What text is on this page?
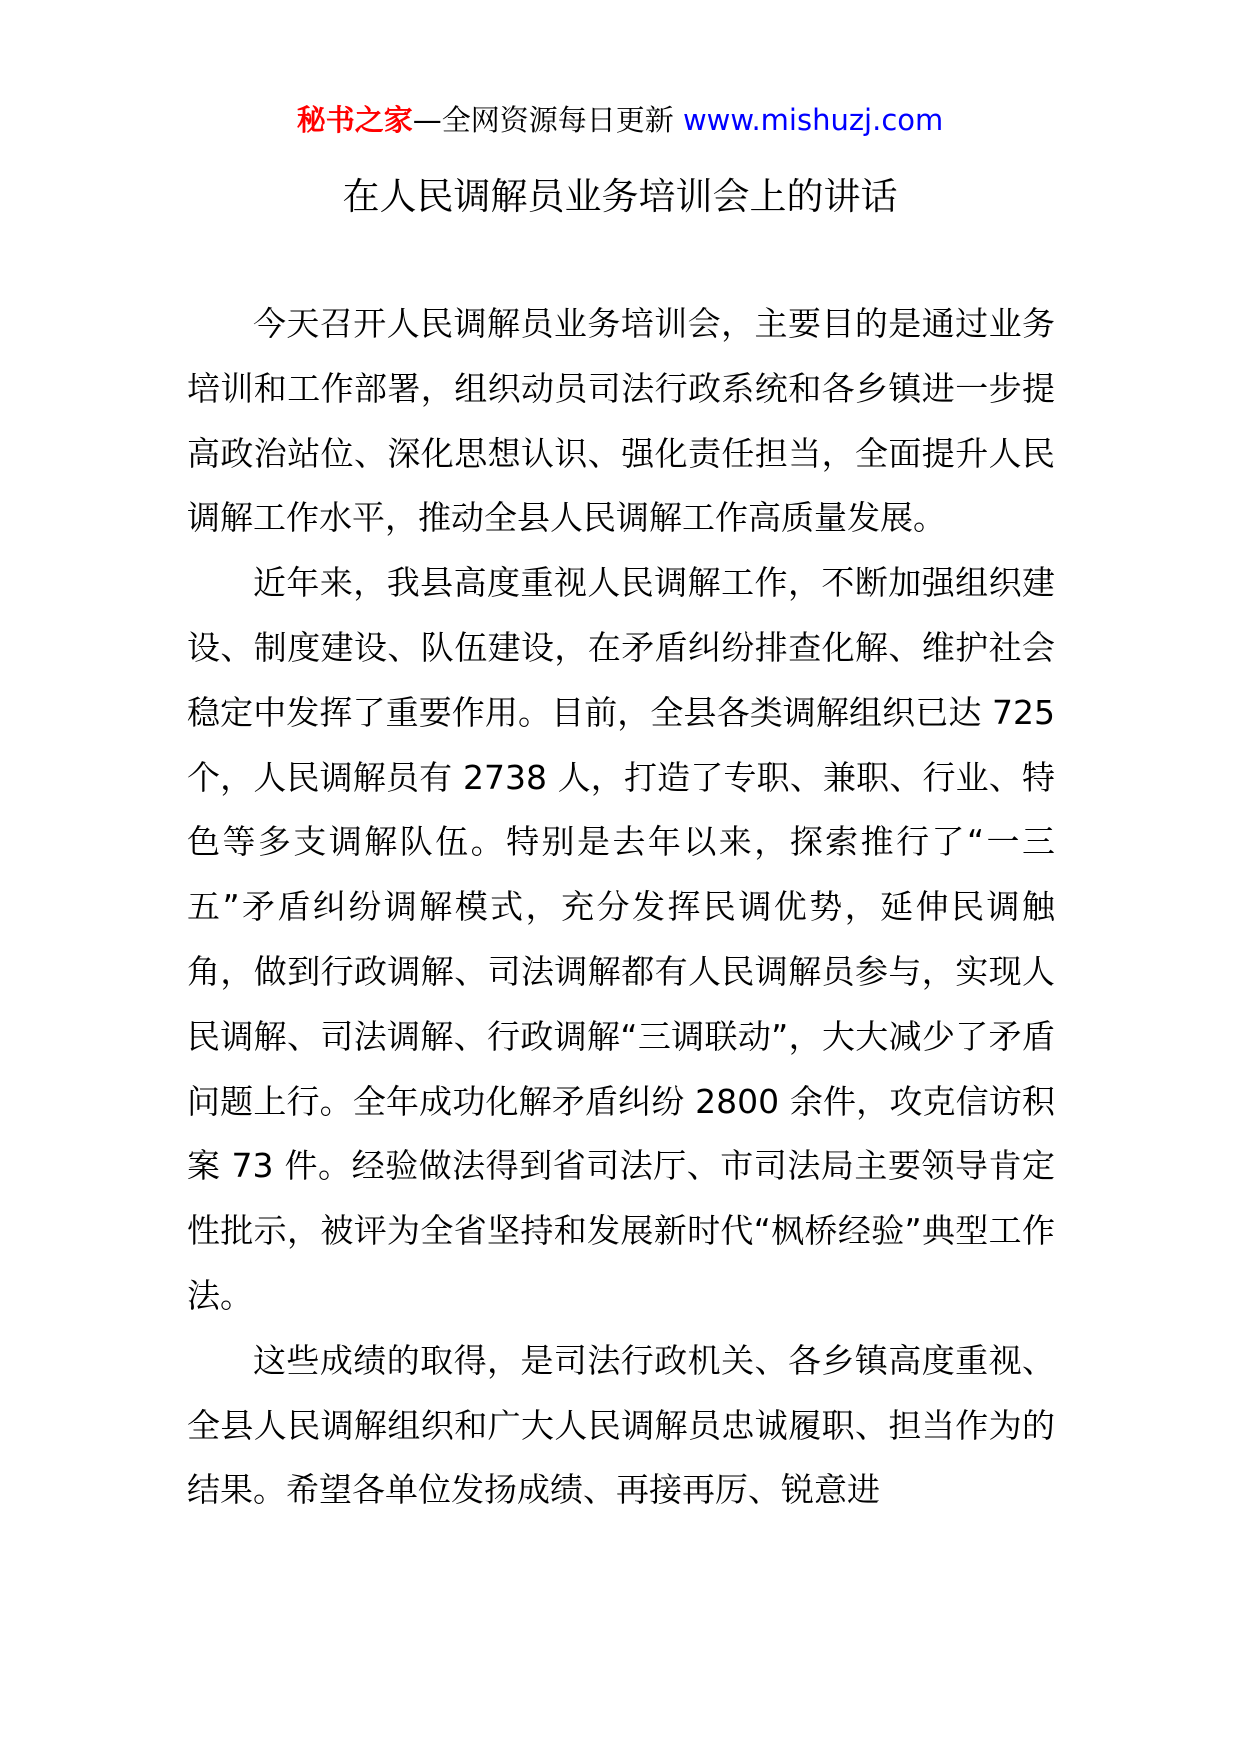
秘书之家—全网资源每日更新 www.mishuzj.com
在人民调解员业务培训会上的讲话

今天召开人民调解员业务培训会，主要目的是通过业务培训和工作部署，组织动员司法行政系统和各乡镇进一步提高政治站位、深化思想认识、强化责任担当，全面提升人民调解工作水平，推动全县人民调解工作高质量发展。

近年来，我县高度重视人民调解工作，不断加强组织建设、制度建设、队伍建设，在矛盾纠纷排查化解、维护社会稳定中发挥了重要作用。目前，全县各类调解组织已达 725 个，人民调解员有 2738 人，打造了专职、兼职、行业、特色等多支调解队伍。特别是去年以来，探索推行了“一三五”矛盾纠纷调解模式，充分发挥民调优势，延伸民调触角，做到行政调解、司法调解都有人民调解员参与，实现人民调解、司法调解、行政调解“三调联动”，大大减少了矛盾问题上行。全年成功化解矛盾纠纷 2800 余件，攻克信访积案 73 件。经验做法得到省司法厅、市司法局主要领导肯定性批示，被评为全省坚持和发展新时代“枫桥经验”典型工作法。

这些成绩的取得，是司法行政机关、各乡镇高度重视、全县人民调解组织和广大人民调解员忠诚履职、担当作为的结果。希望各单位发扬成绩、再接再厉、锐意进
